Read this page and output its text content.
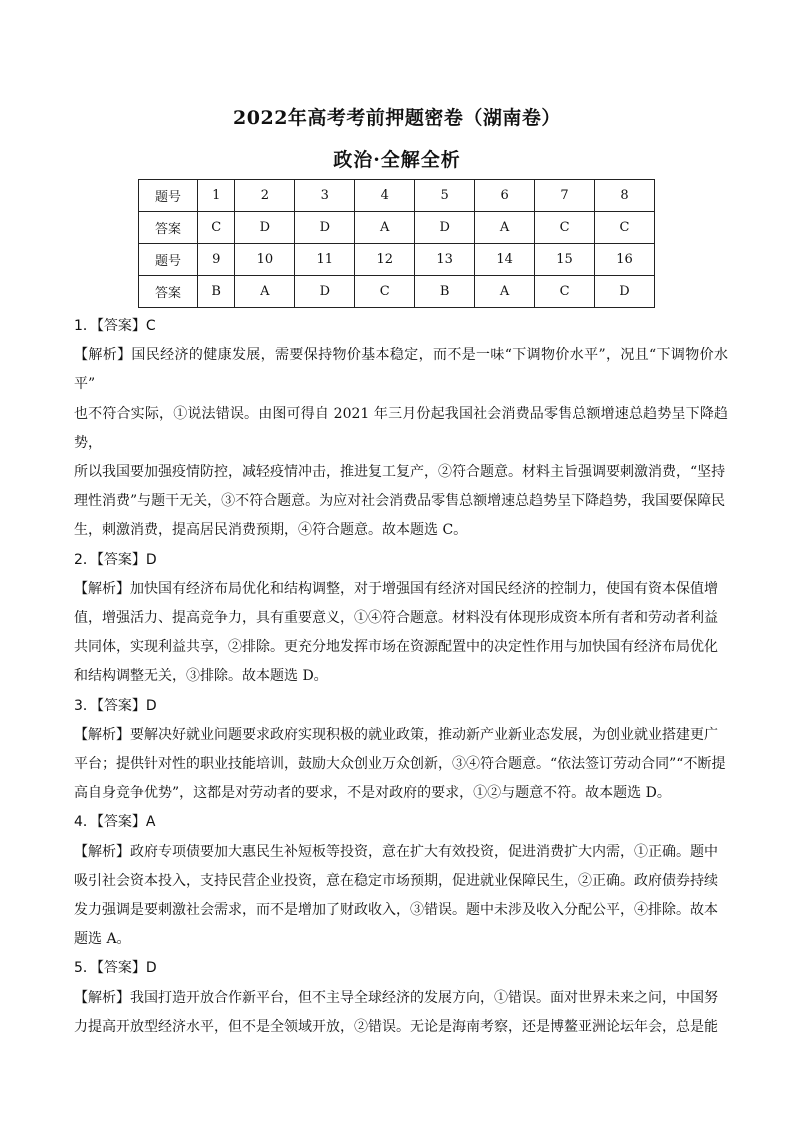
2022年高考考前押题密卷（湖南卷）
政治·全解全析
题号	1	2	3	4	5	6	7	8
答案	C	D	D	A	D	A	C	C
题号	9	10	11	12	13	14	15	16
答案	B	A	D	C	B	A	C	D

1．【答案】C

【解析】国民经济的健康发展，需要保持物价基本稳定，而不是一味“下调物价水平”，况且“下调物价水平”

也不符合实际，①说法错误。由图可得自 2021 年三月份起我国社会消费品零售总额增速总趋势呈下降趋势，

所以我国要加强疫情防控，减轻疫情冲击，推进复工复产，②符合题意。材料主旨强调要刺激消费，“坚持

理性消费”与题干无关，③不符合题意。为应对社会消费品零售总额增速总趋势呈下降趋势，我国要保障民

生，刺激消费，提高居民消费预期，④符合题意。故本题选 C。

2．【答案】D

【解析】加快国有经济布局优化和结构调整，对于增强国有经济对国民经济的控制力，使国有资本保值增

值，增强活力、提高竞争力，具有重要意义，①④符合题意。材料没有体现形成资本所有者和劳动者利益

共同体，实现利益共享，②排除。更充分地发挥市场在资源配置中的决定性作用与加快国有经济布局优化

和结构调整无关，③排除。故本题选 D。

3．【答案】D

【解析】要解决好就业问题要求政府实现积极的就业政策，推动新产业新业态发展，为创业就业搭建更广

平台；提供针对性的职业技能培训，鼓励大众创业万众创新，③④符合题意。“依法签订劳动合同”“不断提

高自身竞争优势”，这都是对劳动者的要求，不是对政府的要求，①②与题意不符。故本题选 D。

4．【答案】A

【解析】政府专项债要加大惠民生补短板等投资，意在扩大有效投资，促进消费扩大内需，①正确。题中

吸引社会资本投入，支持民营企业投资，意在稳定市场预期，促进就业保障民生，②正确。政府债券持续

发力强调是要刺激社会需求，而不是增加了财政收入，③错误。题中未涉及收入分配公平，④排除。故本

题选 A。

5．【答案】D

【解析】我国打造开放合作新平台，但不主导全球经济的发展方向，①错误。面对世界未来之问，中国努

力提高开放型经济水平，但不是全领域开放，②错误。无论是海南考察，还是博鳌亚洲论坛年会，总是能
